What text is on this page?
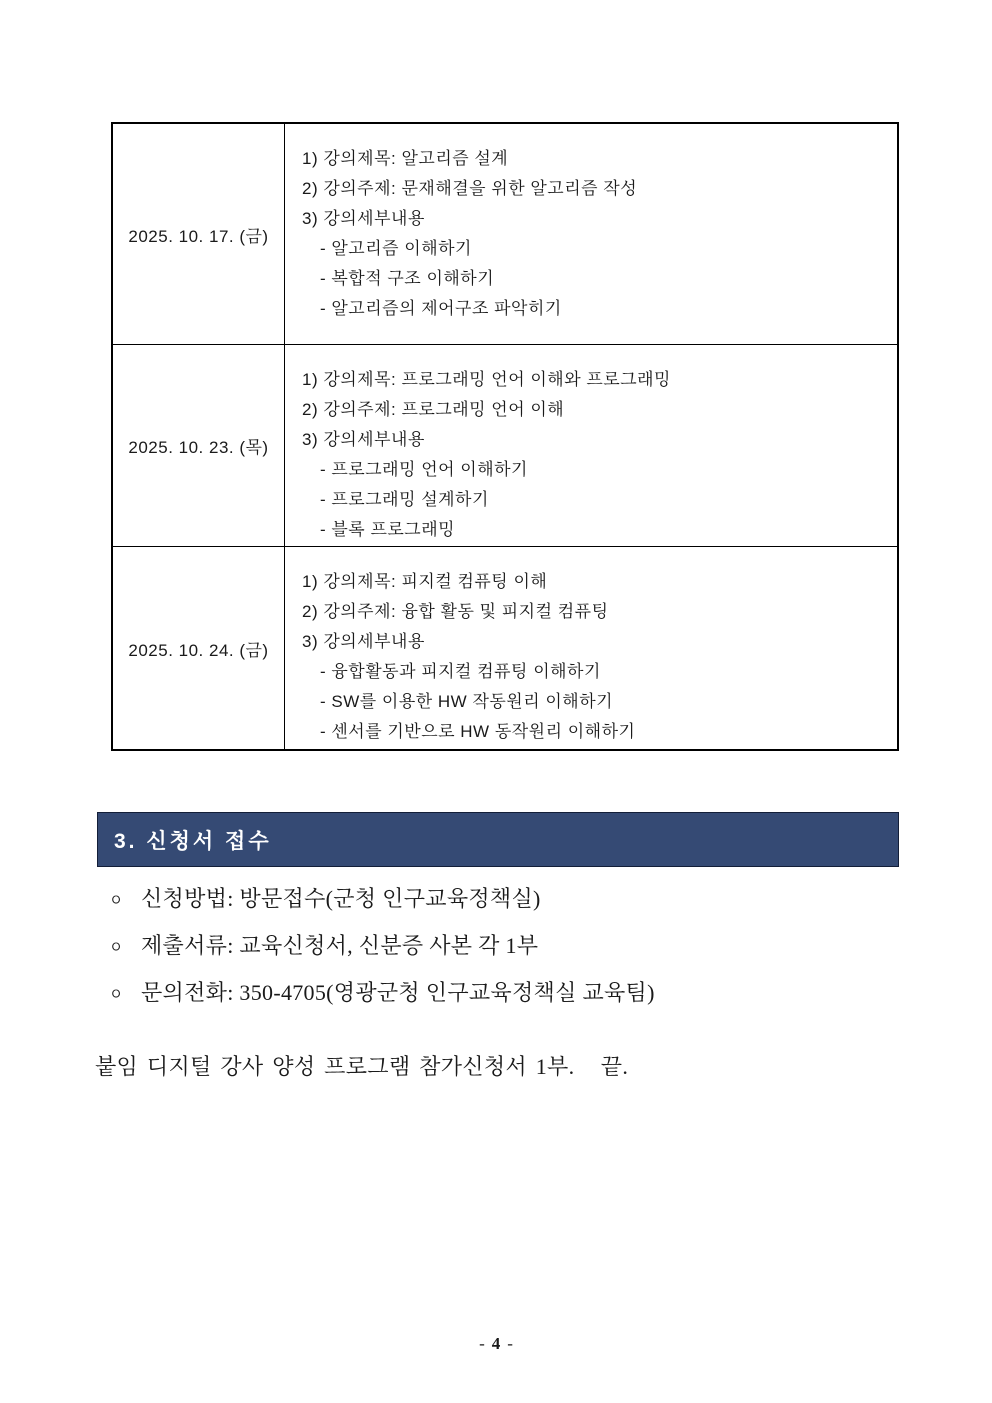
2025. 10. 17. (금)
1) 강의제목: 알고리즘 설계
2) 강의주제: 문재해결을 위한 알고리즘 작성
3) 강의세부내용
- 알고리즘 이해하기
- 복합적 구조 이해하기
- 알고리즘의 제어구조 파악히기
2025. 10. 23. (목)
1) 강의제목: 프로그래밍 언어 이해와 프로그래밍
2) 강의주제: 프로그래밍 언어 이해
3) 강의세부내용
- 프로그래밍 언어 이해하기
- 프로그래밍 설계하기
- 블록 프로그래밍
2025. 10. 24. (금)
1) 강의제목: 피지컬 컴퓨팅 이해
2) 강의주제: 융합 활동 및 피지컬 컴퓨팅
3) 강의세부내용
- 융합활동과 피지컬 컴퓨팅 이해하기
- SW를 이용한 HW 작동원리 이해하기
- 센서를 기반으로 HW 동작원리 이해하기
3. 신청서 접수
ㅇ 신청방법: 방문접수(군청 인구교육정책실)
ㅇ 제출서류: 교육신청서, 신분증 사본 각 1부
ㅇ 문의전화: 350-4705(영광군청 인구교육정책실 교육팀)
붙임 디지털 강사 양성 프로그램 참가신청서 1부.   끝.
- 4 -
